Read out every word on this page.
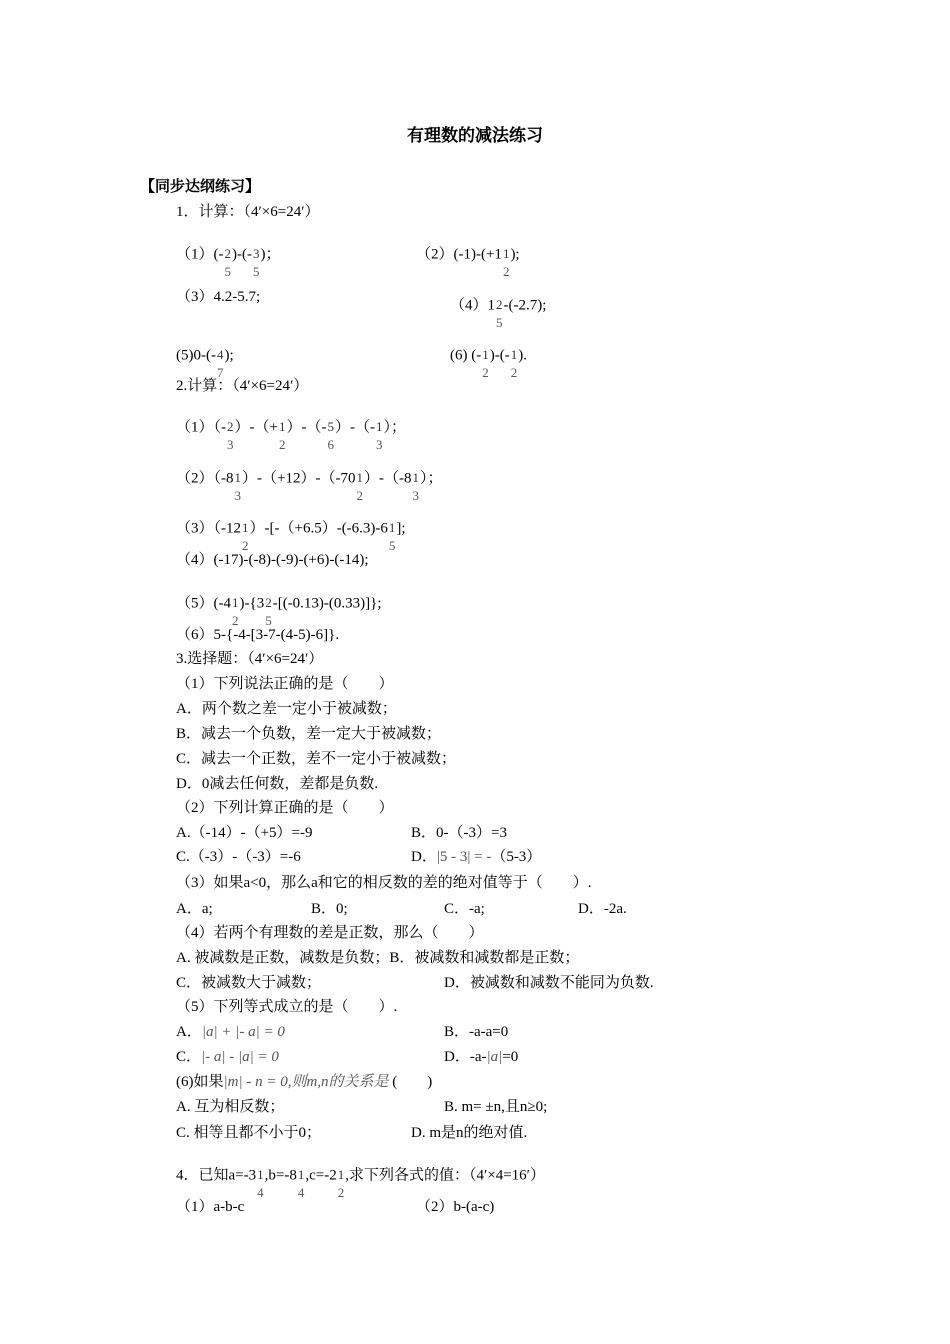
有理数的减法练习
【同步达纲练习】
1．计算：（4′×6=24′）
（1）(- 2
5
)-(- 3
5
)；	（2）(-1)-(+1 1
2
);
（3）4.2-5.7;
（4）1 2
5
-(-2.7);
(5)0-(- 4
7
);	(6) (- 1
2
)-(- 1
2
).
2.计算：（4′×6=24′）
（1）（- 2
3
）-（+ 1
2
）-（- 5
6
）-（- 1
3
）；
（2）（-8 1
3
）-（+12）-（-70 1
2
）-（-8 1
3
）；
（3）（-12 1
2
）-[-（+6.5）-(-6.3)-6 1
5
];
（4）(-17)-(-8)-(-9)-(+6)-(-14);
（5）(-4 1
2
)-{3 2
5
-[(-0.13)-(0.33)]};
（6）5-{-4-[3-7-(4-5)-6]}.
3.选择题：（4′×6=24′）
（1）下列说法正确的是（　　）
A．两个数之差一定小于被减数；
B．减去一个负数，差一定大于被减数；
C．减去一个正数，差不一定小于被减数；
D．0减去任何数，差都是负数.
（2）下列计算正确的是（　　）
A.（-14）-（+5）=-9	B．0-（-3）=3
C.（-3）-（-3）=-6	D．|5 - 3| = -（5-3）
（3）如果a<0，那么a和它的相反数的差的绝对值等于（　　）.
A．a;	B．0;	C．-a;	D．-2a.
（4）若两个有理数的差是正数，那么（　　）
A. 被减数是正数，减数是负数；B．被减数和减数都是正数；
C．被减数大于减数；	D．被减数和减数不能同为负数.
（5）下列等式成立的是（　　）.
A．|a| + |- a| = 0	B．-a-a=0
C．|- a| - |a| = 0	D．-a-|a|=0
(6)如果|m| - n = 0,则m,n的关系是 (　　)
A. 互为相反数；	B. m= ±n,且n≥0;
C. 相等且都不小于0；	D. m是n的绝对值.
4．已知a=-3 1
4
,b=-8 1
4
,c=-2 1
2
,求下列各式的值：（4′×4=16′）
（1）a-b-c	（2）b-(a-c)
